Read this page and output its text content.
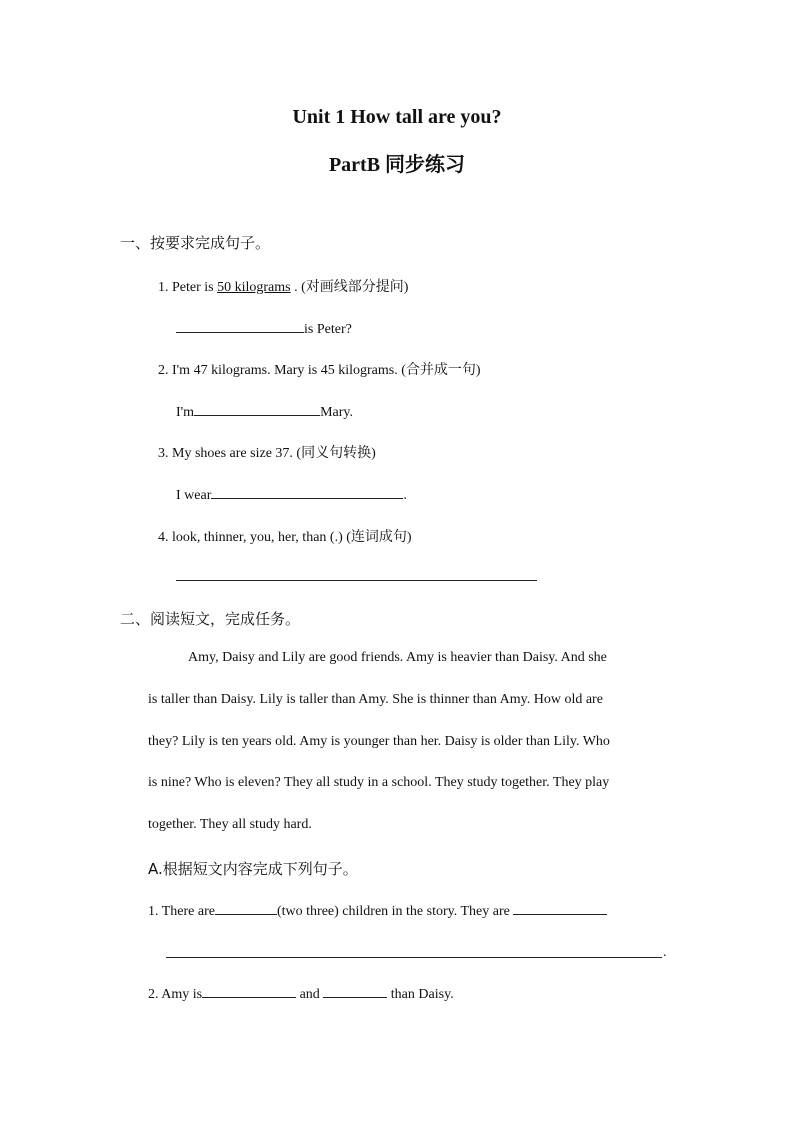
Unit 1 How tall are you?
PartB 同步练习
一、按要求完成句子。
1. Peter is 50 kilograms . (对画线部分提问)
is Peter?
2. I'm 47 kilograms. Mary is 45 kilograms. (合并成一句)
I'm	Mary.
3. My shoes are size 37. (同义句转换)
I wear	.
4. look, thinner, you, her, than (.) (连词成句)
二、阅读短文，完成任务。
Amy, Daisy and Lily are good friends. Amy is heavier than Daisy. And she
is taller than Daisy. Lily is taller than Amy. She is thinner than Amy. How old are
they? Lily is ten years old. Amy is younger than her. Daisy is older than Lily. Who
is nine? Who is eleven? They all study in a school. They study together. They play
together. They all study hard.
A.根据短文内容完成下列句子。
1. There are	(two three) children in the story. They are
.
2. Amy is	and	than Daisy.
